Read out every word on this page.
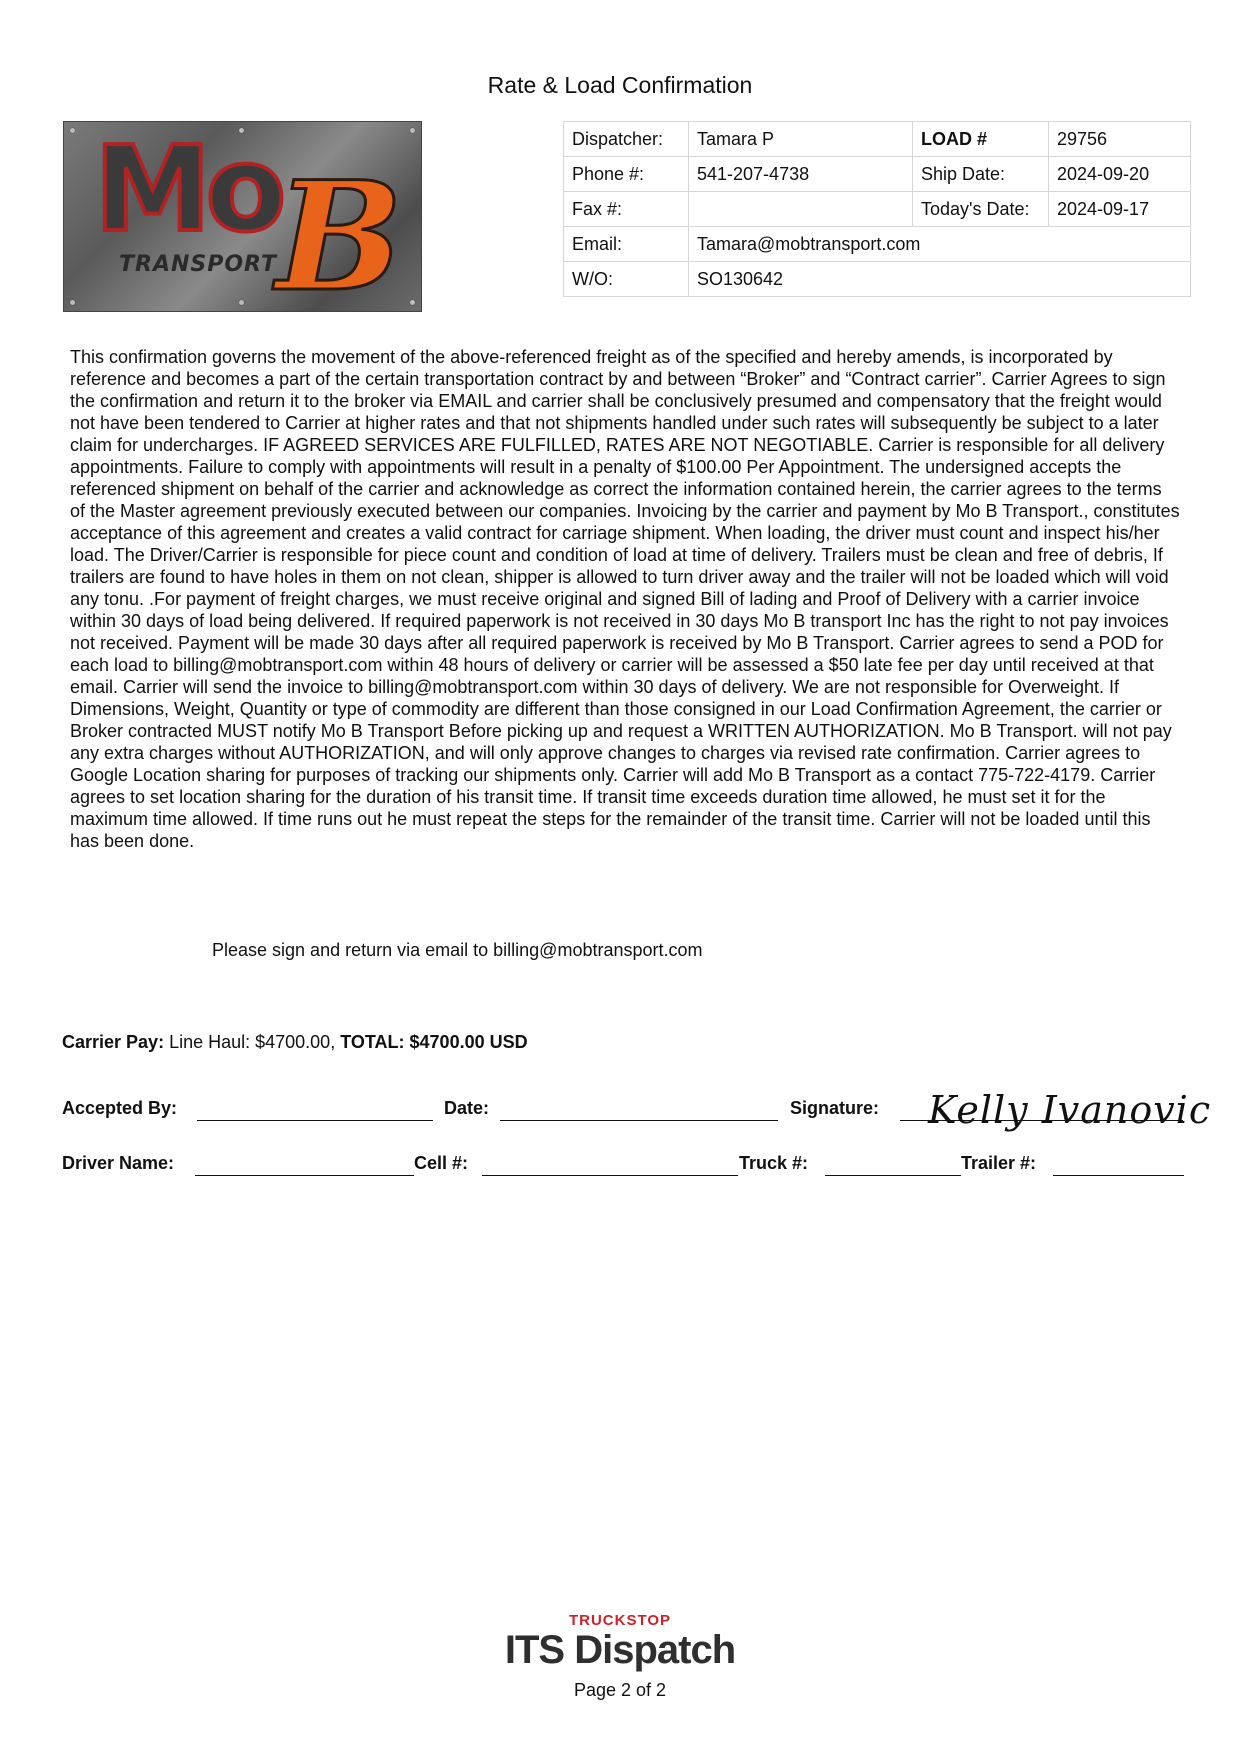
Rate & Load Confirmation
Mo
B
TRANSPORT
Dispatcher:	Tamara P	LOAD #	29756
Phone #:	541-207-4738	Ship Date:	2024-09-20
Fax #:		Today's Date:	2024-09-17
Email:	Tamara@mobtransport.com		
W/O:	SO130642		
This confirmation governs the movement of the above-referenced freight as of the specified and hereby amends, is incorporated by reference and becomes a part of the certain transportation contract by and between “Broker” and “Contract carrier”. Carrier Agrees to sign the confirmation and return it to the broker via EMAIL and carrier shall be conclusively presumed and compensatory that the freight would not have been tendered to Carrier at higher rates and that not shipments handled under such rates will subsequently be subject to a later claim for undercharges. IF AGREED SERVICES ARE FULFILLED, RATES ARE NOT NEGOTIABLE. Carrier is responsible for all delivery appointments. Failure to comply with appointments will result in a penalty of $100.00 Per Appointment. The undersigned accepts the referenced shipment on behalf of the carrier and acknowledge as correct the information contained herein, the carrier agrees to the terms of the Master agreement previously executed between our companies. Invoicing by the carrier and payment by Mo B Transport., constitutes acceptance of this agreement and creates a valid contract for carriage shipment. When loading, the driver must count and inspect his/her load. The Driver/Carrier is responsible for piece count and condition of load at time of delivery. Trailers must be clean and free of debris, If trailers are found to have holes in them on not clean, shipper is allowed to turn driver away and the trailer will not be loaded which will void any tonu. .For payment of freight charges, we must receive original and signed Bill of lading and Proof of Delivery with a carrier invoice within 30 days of load being delivered. If required paperwork is not received in 30 days Mo B transport Inc has the right to not pay invoices not received. Payment will be made 30 days after all required paperwork is received by Mo B Transport. Carrier agrees to send a POD for each load to billing@mobtransport.com within 48 hours of delivery or carrier will be assessed a $50 late fee per day until received at that email. Carrier will send the invoice to billing@mobtransport.com within 30 days of delivery. We are not responsible for Overweight. If Dimensions, Weight, Quantity or type of commodity are different than those consigned in our Load Confirmation Agreement, the carrier or Broker contracted MUST notify Mo B Transport Before picking up and request a WRITTEN AUTHORIZATION. Mo B Transport. will not pay any extra charges without AUTHORIZATION, and will only approve changes to charges via revised rate confirmation. Carrier agrees to Google Location sharing for purposes of tracking our shipments only. Carrier will add Mo B Transport as a contact 775-722-4179. Carrier agrees to set location sharing for the duration of his transit time. If transit time exceeds duration time allowed, he must set it for the maximum time allowed. If time runs out he must repeat the steps for the remainder of the transit time. Carrier will not be loaded until this has been done.
Please sign and return via email to billing@mobtransport.com
Carrier Pay: Line Haul: $4700.00, TOTAL: $4700.00 USD
Accepted By:	Date:	Signature: Kelly Ivanovic
Driver Name:	Cell #:	Truck #:	Trailer #:
TRUCKSTOP
ITS Dispatch
Page 2 of 2
